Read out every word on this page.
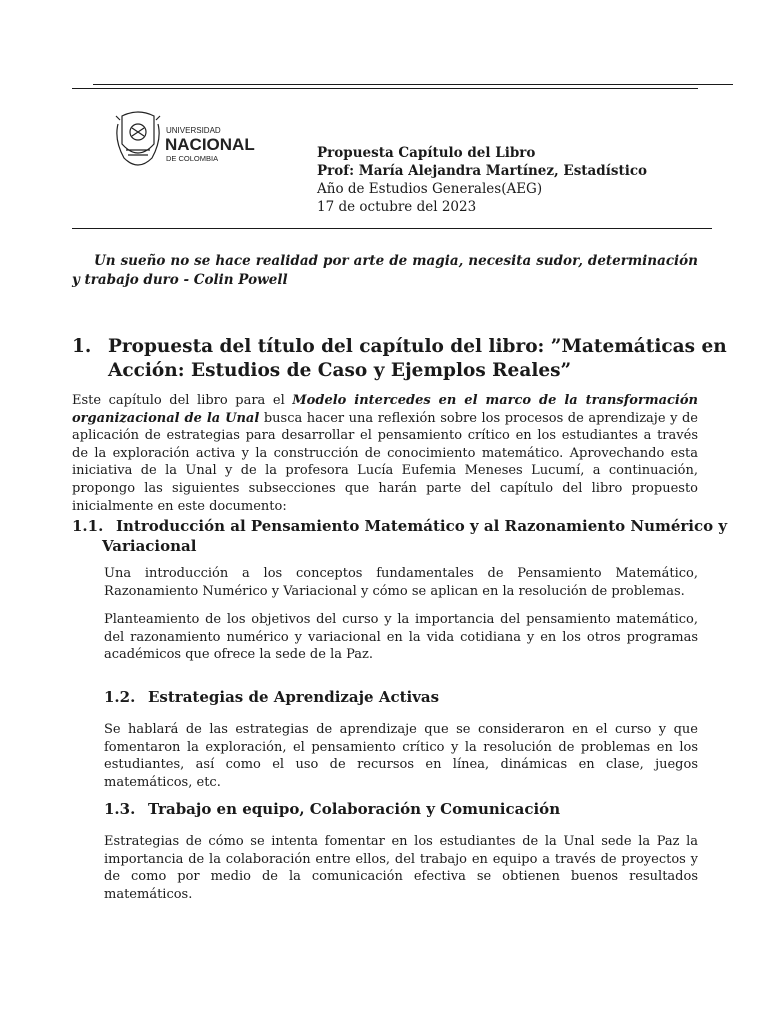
UNIVERSIDAD
NACIONAL
DE COLOMBIA	Propuesta Capítulo del Libro
Prof: María Alejandra Martínez, Estadístico
Año de Estudios Generales(AEG)
17 de octubre del 2023
Un sueño no se hace realidad por arte de magia, necesita sudor, determinación y trabajo duro - Colin Powell
1. Propuesta del título del capítulo del libro: ”Matemáticas en Acción: Estudios de Caso y Ejemplos Reales”
Este capítulo del libro para el Modelo intercedes en el marco de la transformación organizacional de la Unal busca hacer una reflexión sobre los procesos de aprendizaje y de aplicación de estrategias para desarrollar el pensamiento crítico en los estudiantes a través de la exploración activa y la construcción de conocimiento matemático. Aprovechando esta iniciativa de la Unal y de la profesora Lucía Eufemia Meneses Lucumí, a continuación, propongo las siguientes subsecciones que harán parte del capítulo del libro propuesto inicialmente en este documento:
1.1. Introducción al Pensamiento Matemático y al Razonamiento Numérico y Variacional
Una introducción a los conceptos fundamentales de Pensamiento Matemático, Razonamiento Numérico y Variacional y cómo se aplican en la resolución de problemas.
Planteamiento de los objetivos del curso y la importancia del pensamiento matemático, del razonamiento numérico y variacional en la vida cotidiana y en los otros programas académicos que ofrece la sede de la Paz.
1.2. Estrategias de Aprendizaje Activas
Se hablará de las estrategias de aprendizaje que se consideraron en el curso y que fomentaron la exploración, el pensamiento crítico y la resolución de problemas en los estudiantes, así como el uso de recursos en línea, dinámicas en clase, juegos matemáticos, etc.
1.3. Trabajo en equipo, Colaboración y Comunicación
Estrategias de cómo se intenta fomentar en los estudiantes de la Unal sede la Paz la importancia de la colaboración entre ellos, del trabajo en equipo a través de proyectos y de como por medio de la comunicación efectiva se obtienen buenos resultados matemáticos.
